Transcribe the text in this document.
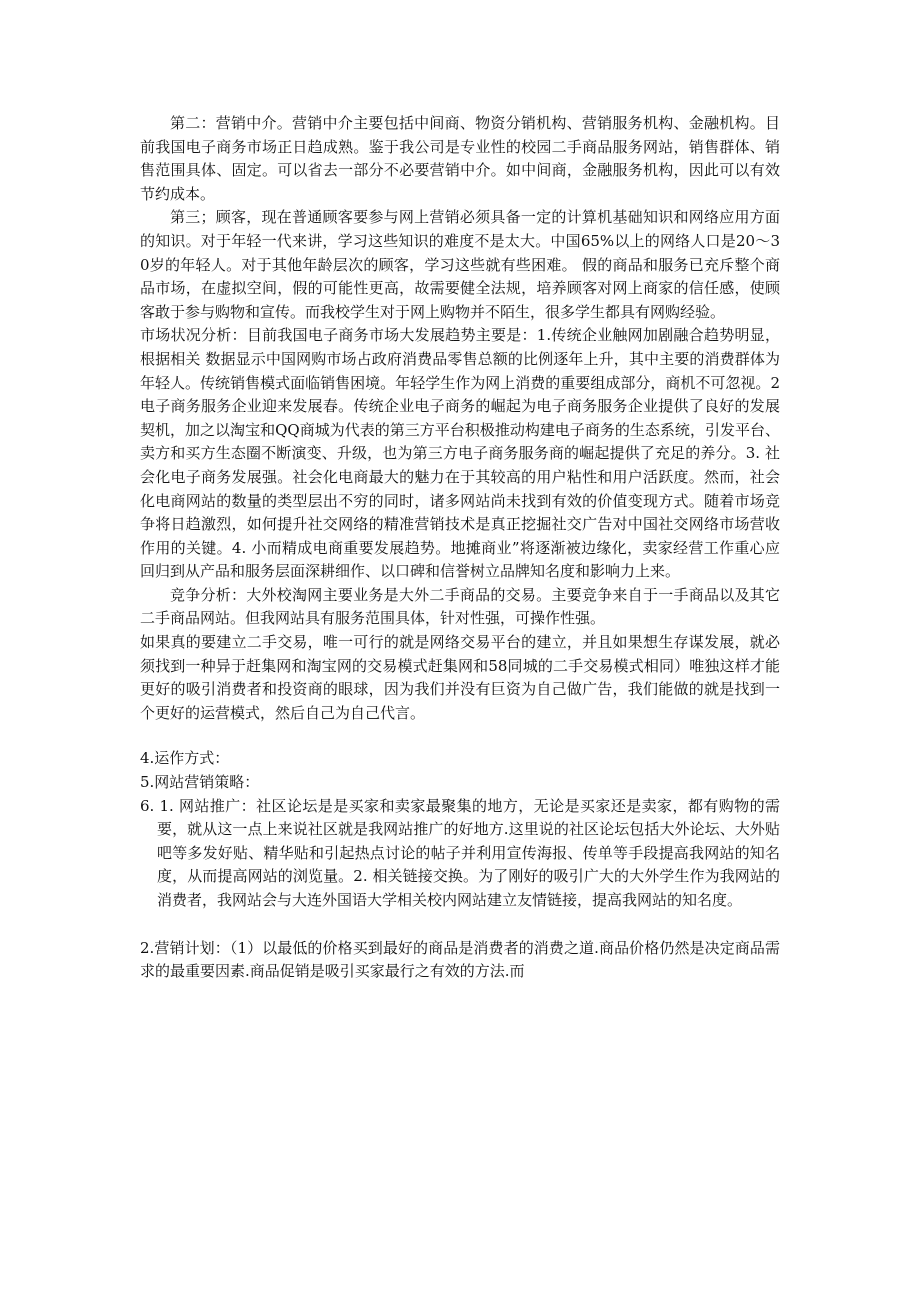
第二：营销中介。营销中介主要包括中间商、物资分销机构、营销服务机构、金融机构。目前我国电子商务市场正日趋成熟。鉴于我公司是专业性的校园二手商品服务网站，销售群体、销售范围具体、固定。可以省去一部分不必要营销中介。如中间商，金融服务机构，因此可以有效节约成本。

第三；顾客，现在普通顾客要参与网上营销必须具备一定的计算机基础知识和网络应用方面的知识。对于年轻一代来讲，学习这些知识的难度不是太大。中国65%以上的网络人口是20～30岁的年轻人。对于其他年龄层次的顾客，学习这些就有些困难。 假的商品和服务已充斥整个商品市场，在虚拟空间，假的可能性更高，故需要健全法规，培养顾客对网上商家的信任感，使顾客敢于参与购物和宣传。而我校学生对于网上购物并不陌生，很多学生都具有网购经验。

市场状况分析：目前我国电子商务市场大发展趋势主要是：1.传统企业触网加剧融合趋势明显，根据相关 数据显示中国网购市场占政府消费品零售总额的比例逐年上升，其中主要的消费群体为年轻人。传统销售模式面临销售困境。年轻学生作为网上消费的重要组成部分，商机不可忽视。2电子商务服务企业迎来发展春。传统企业电子商务的崛起为电子商务服务企业提供了良好的发展契机，加之以淘宝和QQ商城为代表的第三方平台积极推动构建电子商务的生态系统，引发平台、卖方和买方生态圈不断演变、升级，也为第三方电子商务服务商的崛起提供了充足的养分。3. 社会化电子商务发展强。社会化电商最大的魅力在于其较高的用户粘性和用户活跃度。然而，社会化电商网站的数量的类型层出不穷的同时，诸多网站尚未找到有效的价值变现方式。随着市场竞争将日趋激烈，如何提升社交网络的精准营销技术是真正挖掘社交广告对中国社交网络市场营收作用的关键。4. 小而精成电商重要发展趋势。地摊商业”将逐渐被边缘化，卖家经营工作重心应回归到从产品和服务层面深耕细作、以口碑和信誉树立品牌知名度和影响力上来。

竞争分析：大外校淘网主要业务是大外二手商品的交易。主要竞争来自于一手商品以及其它二手商品网站。但我网站具有服务范围具体，针对性强，可操作性强。

如果真的要建立二手交易，唯一可行的就是网络交易平台的建立，并且如果想生存谋发展，就必须找到一种异于赶集网和淘宝网的交易模式赶集网和58同城的二手交易模式相同）唯独这样才能更好的吸引消费者和投资商的眼球，因为我们并没有巨资为自己做广告，我们能做的就是找到一个更好的运营模式，然后自己为自己代言。

4.运作方式：

5.网站营销策略：

6. 1. 网站推广：社区论坛是是买家和卖家最聚集的地方，无论是买家还是卖家，都有购物的需要，就从这一点上来说社区就是我网站推广的好地方.这里说的社区论坛包括大外论坛、大外贴吧等多发好贴、精华贴和引起热点讨论的帖子并利用宣传海报、传单等手段提高我网站的知名度，从而提高网站的浏览量。2. 相关链接交换。为了刚好的吸引广大的大外学生作为我网站的消费者，我网站会与大连外国语大学相关校内网站建立友情链接，提高我网站的知名度。

2.营销计划：（1）以最低的价格买到最好的商品是消费者的消费之道.商品价格仍然是决定商品需求的最重要因素.商品促销是吸引买家最行之有效的方法.而
